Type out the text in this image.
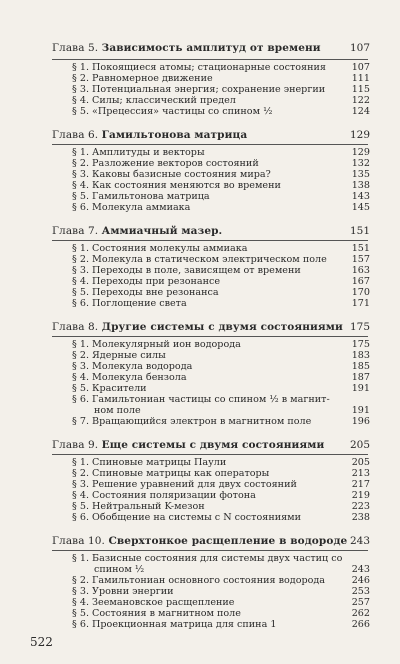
Глава 5. Зависимость амплитуд от времени	107
§ 1. Покоящиеся атомы; стационарные состояния	107
§ 2. Равномерное движение	111
§ 3. Потенциальная энергия; сохранение энергии	115
§ 4. Силы; классический предел	122
§ 5. «Прецессия» частицы со спином ½	124
Глава 6. Гамильтонова матрица	129
§ 1. Амплитуды и векторы	129
§ 2. Разложение векторов состояний	132
§ 3. Каковы базисные состояния мира?	135
§ 4. Как состояния меняются во времени	138
§ 5. Гамильтонова матрица	143
§ 6. Молекула аммиака	145
Глава 7. Аммиачный мазер.	151
§ 1. Состояния молекулы аммиака	151
§ 2. Молекула в статическом электрическом поле	157
§ 3. Переходы в поле, зависящем от времени	163
§ 4. Переходы при резонансе	167
§ 5. Переходы вне резонанса	170
§ 6. Поглощение света	171
Глава 8. Другие системы с двумя состояниями 175
§ 1. Молекулярный ион водорода	175
§ 2. Ядерные силы	183
§ 3. Молекула водорода	185
§ 4. Молекула бензола	187
§ 5. Красители	191
§ 6. Гамильтониан частицы со спином ½ в магнит-
ном поле	191
§ 7. Вращающийся электрон в магнитном поле	196
Глава 9. Еще системы с двумя состояниями	205
§ 1. Спиновые матрицы Паули	205
§ 2. Спиновые матрицы как операторы	213
§ 3. Решение уравнений для двух состояний	217
§ 4. Состояния поляризации фотона	219
§ 5. Нейтральный K-мезон	223
§ 6. Обобщение на системы с N состояниями	238
Глава 10. Сверхтонкое расщепление в водороде 243
§ 1. Базисные состояния для системы двух частиц со
спином ½	243
§ 2. Гамильтониан основного состояния водорода	246
§ 3. Уровни энергии	253
§ 4. Зеемановское расщепление	257
§ 5. Состояния в магнитном поле	262
§ 6. Проекционная матрица для спина 1	266
522
